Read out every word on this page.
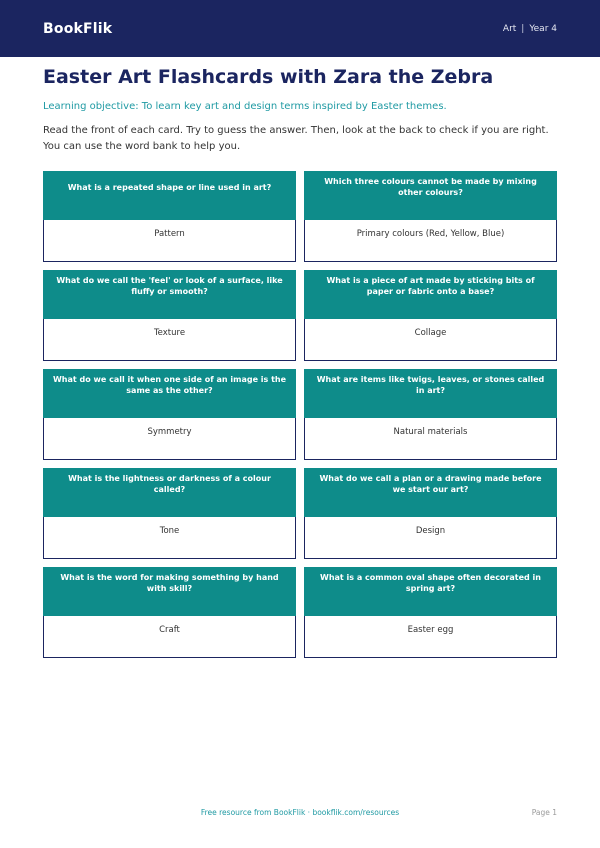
BookFlik	Art | Year 4
Easter Art Flashcards with Zara the Zebra

Learning objective: To learn key art and design terms inspired by Easter themes.

Read the front of each card. Try to guess the answer. Then, look at the back to check if you are right. You can use the word bank to help you.

What is a repeated shape or line used in art?
Pattern
Which three colours cannot be made by mixing other colours?
Primary colours (Red, Yellow, Blue)
What do we call the 'feel' or look of a surface, like fluffy or smooth?
Texture
What is a piece of art made by sticking bits of paper or fabric onto a base?
Collage
What do we call it when one side of an image is the same as the other?
Symmetry
What are items like twigs, leaves, or stones called in art?
Natural materials
What is the lightness or darkness of a colour called?
Tone
What do we call a plan or a drawing made before we start our art?
Design
What is the word for making something by hand with skill?
Craft
What is a common oval shape often decorated in spring art?
Easter egg
Free resource from BookFlik · bookflik.com/resources	Page 1
